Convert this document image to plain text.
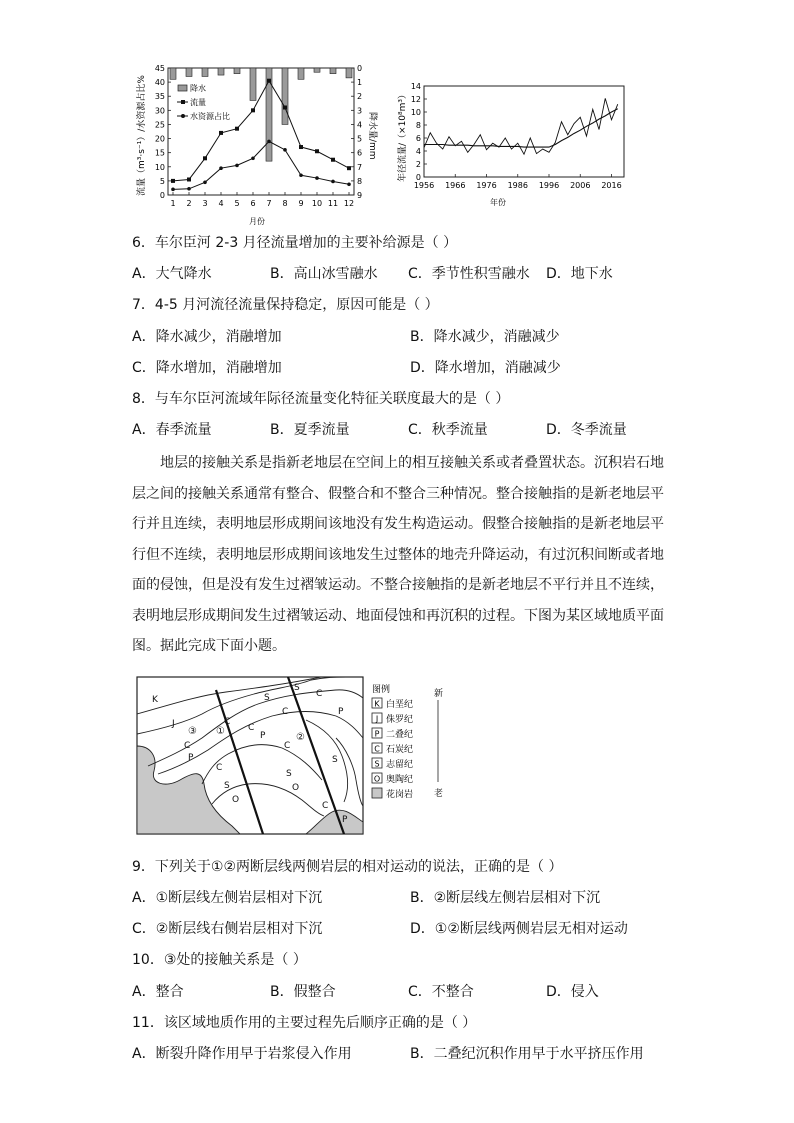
流量（m³·s⁻¹）/水资源占比%	降水量/mm
0
5
10
15
20
25
30
35
40
45	0
1
2
3
4
5
6
7
8
9
1 2 3 4 5 6 7 8 9 10 11 12
降水
流量
水资源占比
月份
年径流量/（×10⁸m³） 0
2
4
6
8
10
12
14
1956 1966 1976 1986 1996 2006 2016
年份
6．车尔臣河 2-3 月径流量增加的主要补给源是（ ）
A．大气降水	B．高山冰雪融水 C．季节性积雪融水 D．地下水
7．4-5 月河流径流量保持稳定，原因可能是（ ）
A．降水减少，消融增加	B．降水减少，消融减少
C．降水增加，消融增加	D．降水增加，消融减少
8．与车尔臣河流域年际径流量变化特征关联度最大的是（ ）
A．春季流量	B．夏季流量	C．秋季流量	D．冬季流量
地层的接触关系是指新老地层在空间上的相互接触关系或者叠置状态。沉积岩石地层之间的接触关系通常有整合、假整合和不整合三种情况。整合接触指的是新老地层平行并且连续，表明地层形成期间该地没有发生构造运动。假整合接触指的是新老地层平行但不连续，表明地层形成期间该地发生过整体的地壳升降运动，有过沉积间断或者地面的侵蚀，但是没有发生过褶皱运动。不整合接触指的是新老地层不平行并且不连续，表明地层形成期间发生过褶皱运动、地面侵蚀和再沉积的过程。下图为某区域地质平面图。据此完成下面小题。
K
J
C
P
C
S
S
C
C	P
C
P
C
C
S
O
S
O
S
C
P
①
②
③
图例
K 白垩纪
J 侏罗纪
P 二叠纪
C 石炭纪
S 志留纪
O 奥陶纪
花岗岩
新
老
9．下列关于①②两断层线两侧岩层的相对运动的说法，正确的是（ ）
A．①断层线左侧岩层相对下沉	B．②断层线左侧岩层相对下沉
C．②断层线右侧岩层相对下沉	D．①②断层线两侧岩层无相对运动
10．③处的接触关系是（ ）
A．整合	B．假整合	C．不整合	D．侵入
11．该区域地质作用的主要过程先后顺序正确的是（ ）
A．断裂升降作用早于岩浆侵入作用	B．二叠纪沉积作用早于水平挤压作用
